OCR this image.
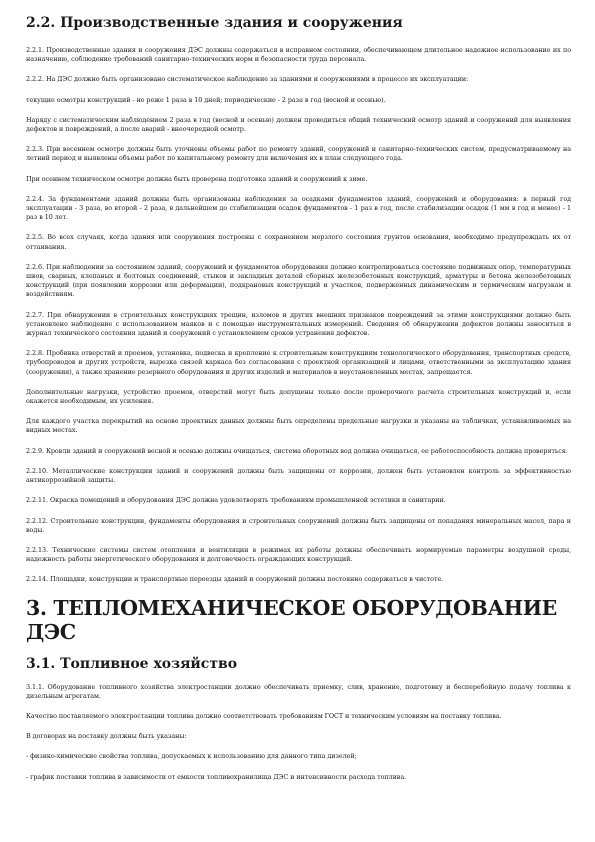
2.2. Производственные здания и сооружения

2.2.1. Производственные здания и сооружения ДЭС должны содержаться в исправном состоянии, обеспечивающем длительное надежное использование их по назначению, соблюдение требований санитарно-технических норм и безопасности труда персонала.

2.2.2. На ДЭС должно быть организовано систематическое наблюдение за зданиями и сооружениями в процессе их эксплуатации:

текущие осмотры конструкций - не реже 1 раза в 10 дней; периодические - 2 раза в год (весной и осенью).

Наряду с систематическим наблюдением 2 раза в год (весной и осенью) должен проводиться общий технический осмотр зданий и сооружений для выявления дефектов и повреждений, а после аварий - внеочередной осмотр.

2.2.3. При весеннем осмотре должны быть уточнены объемы работ по ремонту зданий, сооружений и санитарно-технических систем, предусматриваемому на летний период и выявлены объемы работ по капитальному ремонту для включения их в план следующего года.

При осеннем техническом осмотре должна быть проверена подготовка зданий и сооружений к зиме.

2.2.4. За фундаментами зданий должны быть организованы наблюдения за осадками фундаментов зданий, сооружений и оборудования: в первый год эксплуатации - 3 раза, во второй - 2 раза, в дальнейшем до стабилизации осадок фундаментов - 1 раз в год, после стабилизации осадок (1 мм в год и менее) - 1 раз в 10 лет.

2.2.5. Во всех случаях, когда здания или сооружения построены с сохранением мерзлого состояния грунтов основания, необходимо предупреждать их от оттаивания.

2.2.6. При наблюдении за состоянием зданий, сооружений и фундаментов оборудования должно контролироваться состояние подвижных опор, температурных швов, сварных, клепаных и болтовых соединений, стыков и закладных деталей сборных железобетонных конструкций, арматуры и бетона железобетонных конструкций (при появлении коррозии или деформации), подкрановых конструкций и участков, подверженных динамическим и термическим нагрузкам и воздействиям.

2.2.7. При обнаружении в строительных конструкциях трещин, изломов и других внешних признаков повреждений за этими конструкциями должно быть установлено наблюдение с использованием маяков и с помощью инструментальных измерений. Сведения об обнаружении дефектов должны заноситься в журнал технического состояния зданий и сооружений с установлением сроков устранения дефектов.

2.2.8. Пробивка отверстий и проемов, установка, подвеска и крепление к строительным конструкциям технологического оборудования, транспортных средств, трубопроводов и других устройств, вырезка связей каркаса без согласования с проектной организацией и лицами, ответственными за эксплуатацию здания (сооружения), а также хранение резервного оборудования и других изделий и материалов в неустановленных местах, запрещается.

Дополнительные нагрузки, устройство проемов, отверстий могут быть допущены только после проверочного расчета строительных конструкций и, если окажется необходимым, их усиления.

Для каждого участка перекрытий на основе проектных данных должны быть определены предельные нагрузки и указаны на табличках, устанавливаемых на видных местах.

2.2.9. Кровли зданий и сооружений весной и осенью должны очищаться, система оборотных вод должна очищаться, ее работоспособность должна проверяться.

2.2.10. Металлические конструкции зданий и сооружений должны быть защищены от коррозии, должен быть установлен контроль за эффективностью антикоррозийной защиты.

2.2.11. Окраска помещений и оборудования ДЭС должна удовлетворять требованиям промышленной эстетики и санитарии.

2.2.12. Строительные конструкции, фундаменты оборудования и строительных сооружений должны быть защищены от попадания минеральных масел, пара и воды.

2.2.13. Технические системы систем отопления и вентиляции в режимах их работы должны обеспечивать нормируемые параметры воздушной среды, надежность работы энергетического оборудования и долговечность ограждающих конструкций.

2.2.14. Площадки, конструкции и транспортные переезды зданий и сооружений должны постоянно содержаться в чистоте.

3. ТЕПЛОМЕХАНИЧЕСКОЕ ОБОРУДОВАНИЕ ДЭС
3.1. Топливное хозяйство

3.1.1. Оборудование топливного хозяйства электростанции должно обеспечивать приемку, слив, хранение, подготовку и бесперебойную подачу топлива к дизельным агрегатам.

Качество поставляемого электростанции топлива должно соответствовать требованиям ГОСТ и техническим условиям на поставку топлива.

В договорах на поставку должны быть указаны:

- физико-химические свойства топлива, допускаемых к использованию для данного типа дизелей;

- график поставки топлива в зависимости от емкости топливохранилища ДЭС и интенсивности расхода топлива.
